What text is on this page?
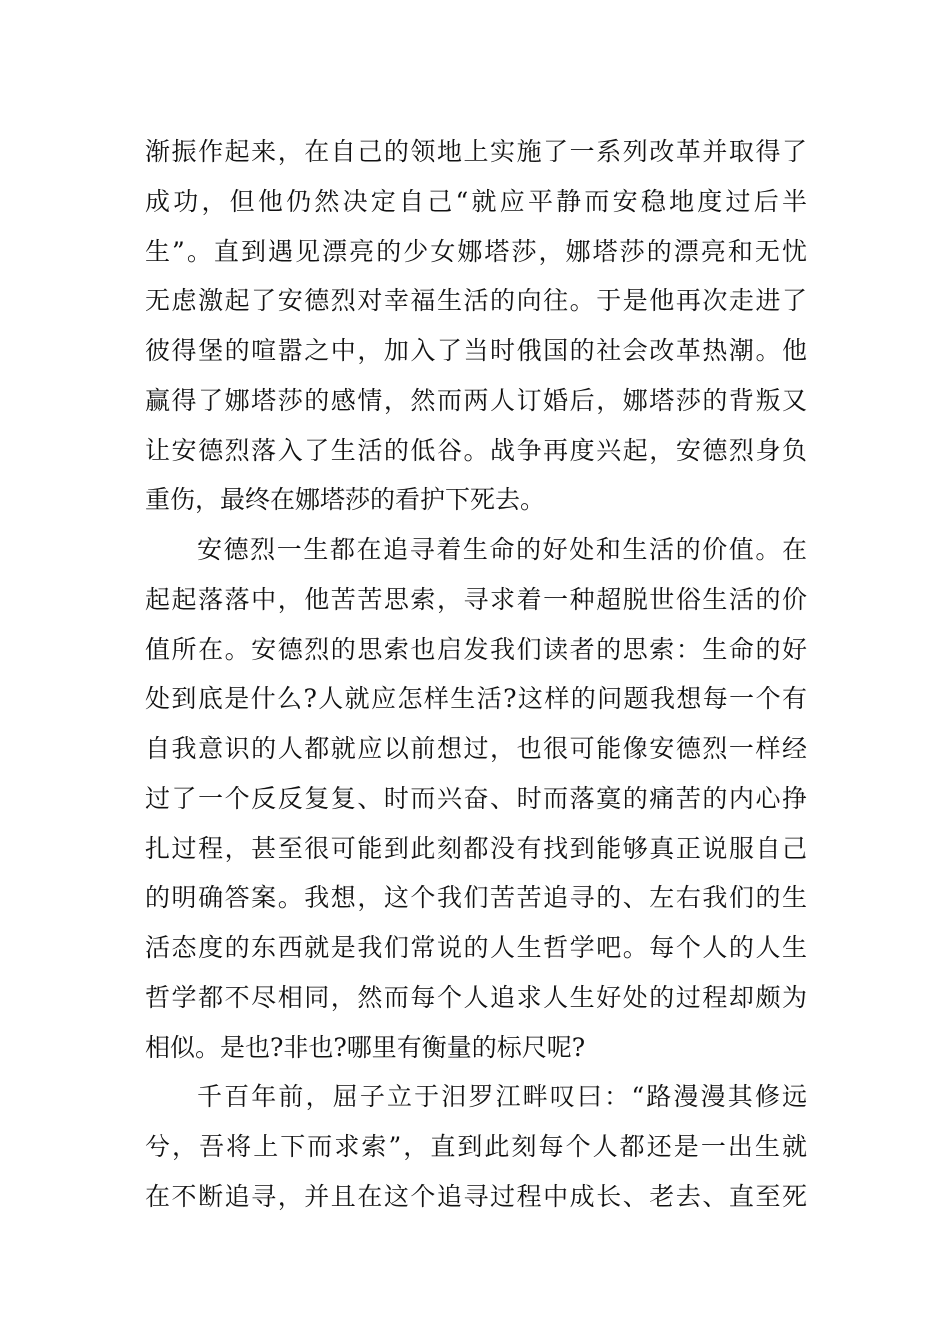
渐振作起来，在自己的领地上实施了一系列改革并取得了
成功，但他仍然决定自己“就应平静而安稳地度过后半
生”。直到遇见漂亮的少女娜塔莎，娜塔莎的漂亮和无忧
无虑激起了安德烈对幸福生活的向往。于是他再次走进了
彼得堡的喧嚣之中，加入了当时俄国的社会改革热潮。他
赢得了娜塔莎的感情，然而两人订婚后，娜塔莎的背叛又
让安德烈落入了生活的低谷。战争再度兴起，安德烈身负
重伤，最终在娜塔莎的看护下死去。
安德烈一生都在追寻着生命的好处和生活的价值。在
起起落落中，他苦苦思索，寻求着一种超脱世俗生活的价
值所在。安德烈的思索也启发我们读者的思索：生命的好
处到底是什么?人就应怎样生活?这样的问题我想每一个有
自我意识的人都就应以前想过，也很可能像安德烈一样经
过了一个反反复复、时而兴奋、时而落寞的痛苦的内心挣
扎过程，甚至很可能到此刻都没有找到能够真正说服自己
的明确答案。我想，这个我们苦苦追寻的、左右我们的生
活态度的东西就是我们常说的人生哲学吧。每个人的人生
哲学都不尽相同，然而每个人追求人生好处的过程却颇为
相似。是也?非也?哪里有衡量的标尺呢?
千百年前，屈子立于汨罗江畔叹曰：“路漫漫其修远
兮，吾将上下而求索”，直到此刻每个人都还是一出生就
在不断追寻，并且在这个追寻过程中成长、老去、直至死
